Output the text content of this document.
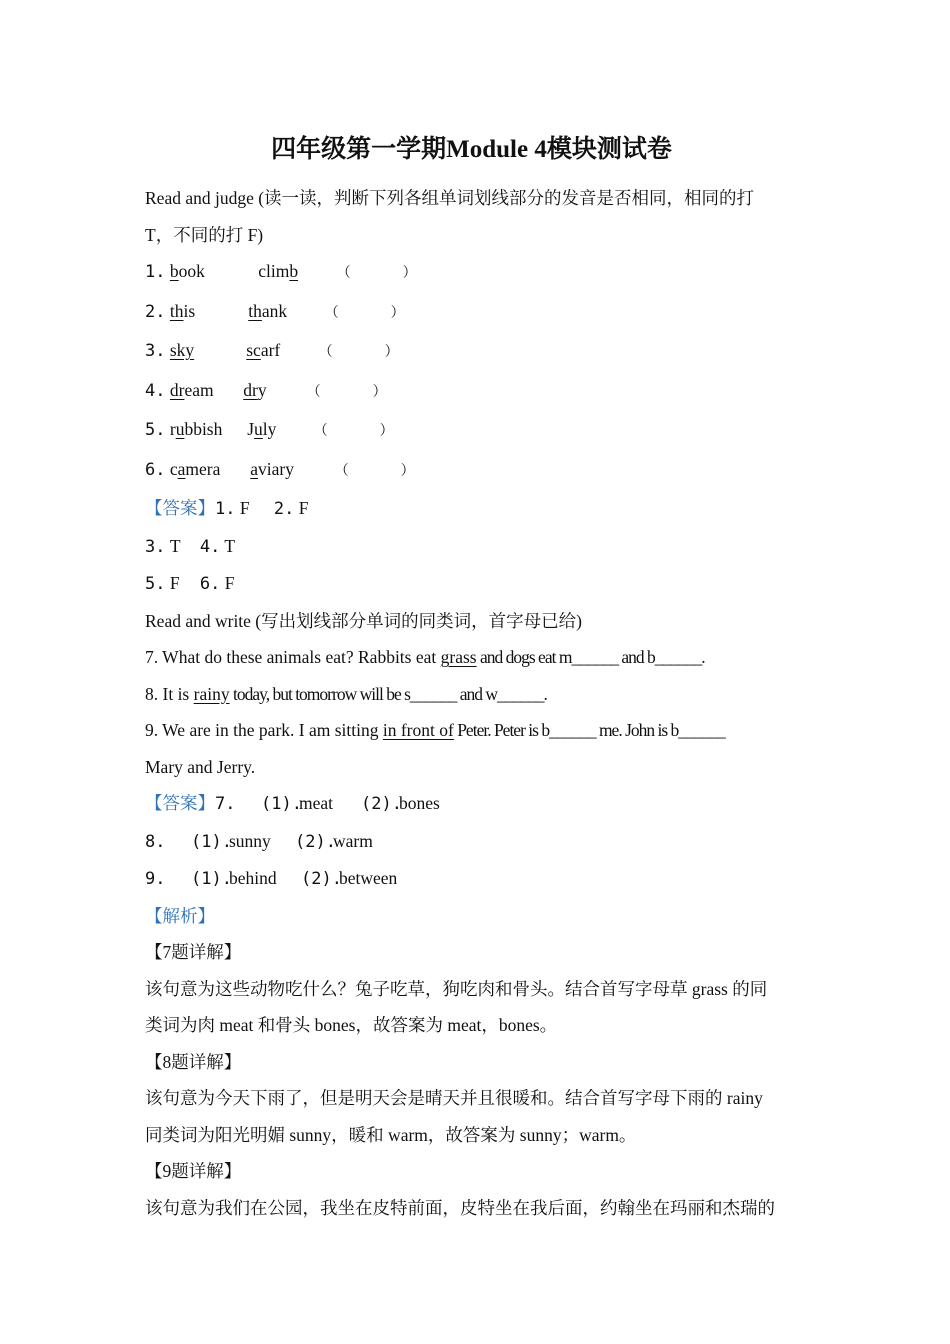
四年级第一学期Module 4模块测试卷
Read and judge (读一读，判断下列各组单词划线部分的发音是否相同，相同的打
T，不同的打 F)
1. book	climb	（	）
2. this	thank	（	）
3. sky	scarf	（	）
4. dream dry	（	）
5. rubbish July	（	）
6. camera aviary	（	）
【答案】1. F 2. F
3. T 4. T
5. F 6. F
Read and write (写出划线部分单词的同类词，首字母已给)
7. What do these animals eat? Rabbits eat grass and dogs eat m______ and b______.
8. It is rainy today, but tomorrow will be s______ and w______.
9. We are in the park. I am sitting in front of Peter. Peter is b______ me. John is b______
Mary and Jerry.
【答案】7. (1).meat (2).bones
8. (1).sunny (2).warm
9. (1).behind (2).between
【解析】
【7题详解】
该句意为这些动物吃什么？兔子吃草，狗吃肉和骨头。结合首写字母草 grass 的同
类词为肉 meat 和骨头 bones，故答案为 meat，bones。
【8题详解】
该句意为今天下雨了，但是明天会是晴天并且很暖和。结合首写字母下雨的 rainy
同类词为阳光明媚 sunny，暖和 warm，故答案为 sunny；warm。
【9题详解】
该句意为我们在公园，我坐在皮特前面，皮特坐在我后面，约翰坐在玛丽和杰瑞的
